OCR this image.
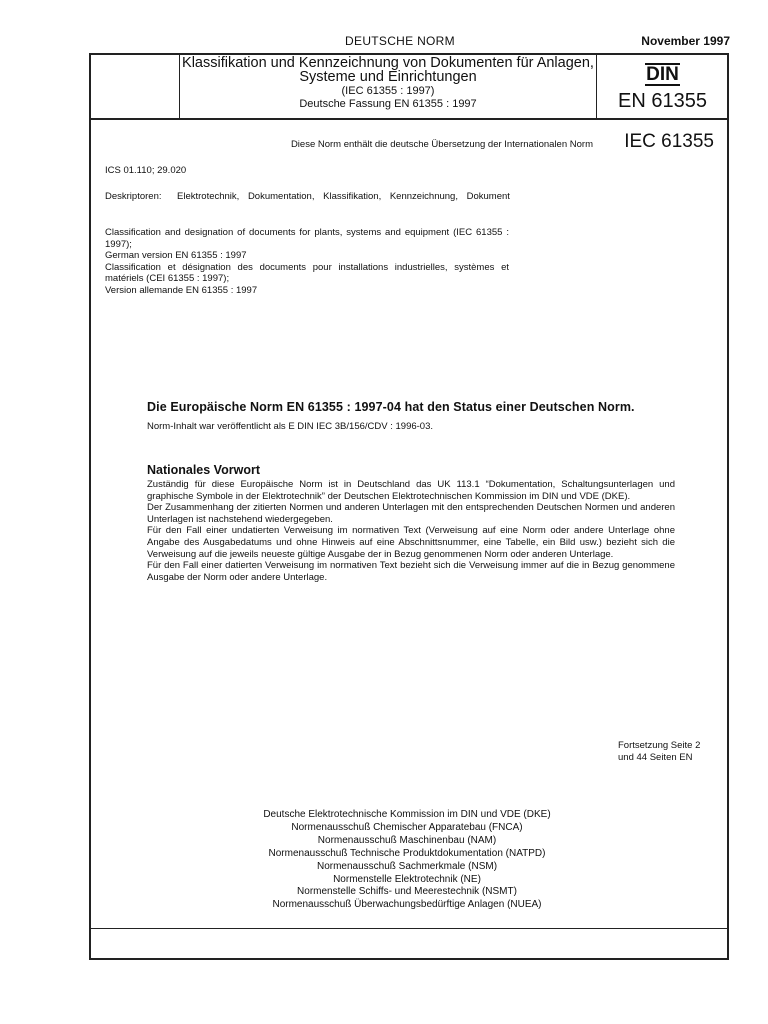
DEUTSCHE NORM	November 1997
Klassifikation und Kennzeichnung von Dokumenten für Anlagen, Systeme und Einrichtungen
(IEC 61355 : 1997)
Deutsche Fassung EN 61355 : 1997
DIN
EN 61355
Diese Norm enthält die deutsche Übersetzung der Internationalen Norm IEC 61355
ICS 01.110; 29.020
Deskriptoren: Elektrotechnik, Dokumentation, Klassifikation, Kennzeichnung, Dokument

Classification and designation of documents for plants, systems and equipment (IEC 61355 : 1997);

German version EN 61355 : 1997

Classification et désignation des documents pour installations industrielles, systèmes et matériels (CEI 61355 : 1997);

Version allemande EN 61355 : 1997

Die Europäische Norm EN 61355 : 1997-04 hat den Status einer Deutschen Norm.
Norm-Inhalt war veröffentlicht als E DIN IEC 3B/156/CDV : 1996-03.
Nationales Vorwort

Zuständig für diese Europäische Norm ist in Deutschland das UK 113.1 “Dokumentation, Schaltungsunterlagen und graphische Symbole in der Elektrotechnik” der Deutschen Elektrotechnischen Kommission im DIN und VDE (DKE).

Der Zusammenhang der zitierten Normen und anderen Unterlagen mit den entsprechenden Deutschen Normen und anderen Unterlagen ist nachstehend wiedergegeben.

Für den Fall einer undatierten Verweisung im normativen Text (Verweisung auf eine Norm oder andere Unterlage ohne Angabe des Ausgabedatums und ohne Hinweis auf eine Abschnittsnummer, eine Tabelle, ein Bild usw.) bezieht sich die Verweisung auf die jeweils neueste gültige Ausgabe der in Bezug genommenen Norm oder anderen Unterlage.

Für den Fall einer datierten Verweisung im normativen Text bezieht sich die Verweisung immer auf die in Bezug genommene Ausgabe der Norm oder andere Unterlage.

Fortsetzung Seite 2
und 44 Seiten EN
Deutsche Elektrotechnische Kommission im DIN und VDE (DKE)
Normenausschuß Chemischer Apparatebau (FNCA)
Normenausschuß Maschinenbau (NAM)
Normenausschuß Technische Produktdokumentation (NATPD)
Normenausschuß Sachmerkmale (NSM)
Normenstelle Elektrotechnik (NE)
Normenstelle Schiffs- und Meerestechnik (NSMT)
Normenausschuß Überwachungsbedürftige Anlagen (NUEA)
